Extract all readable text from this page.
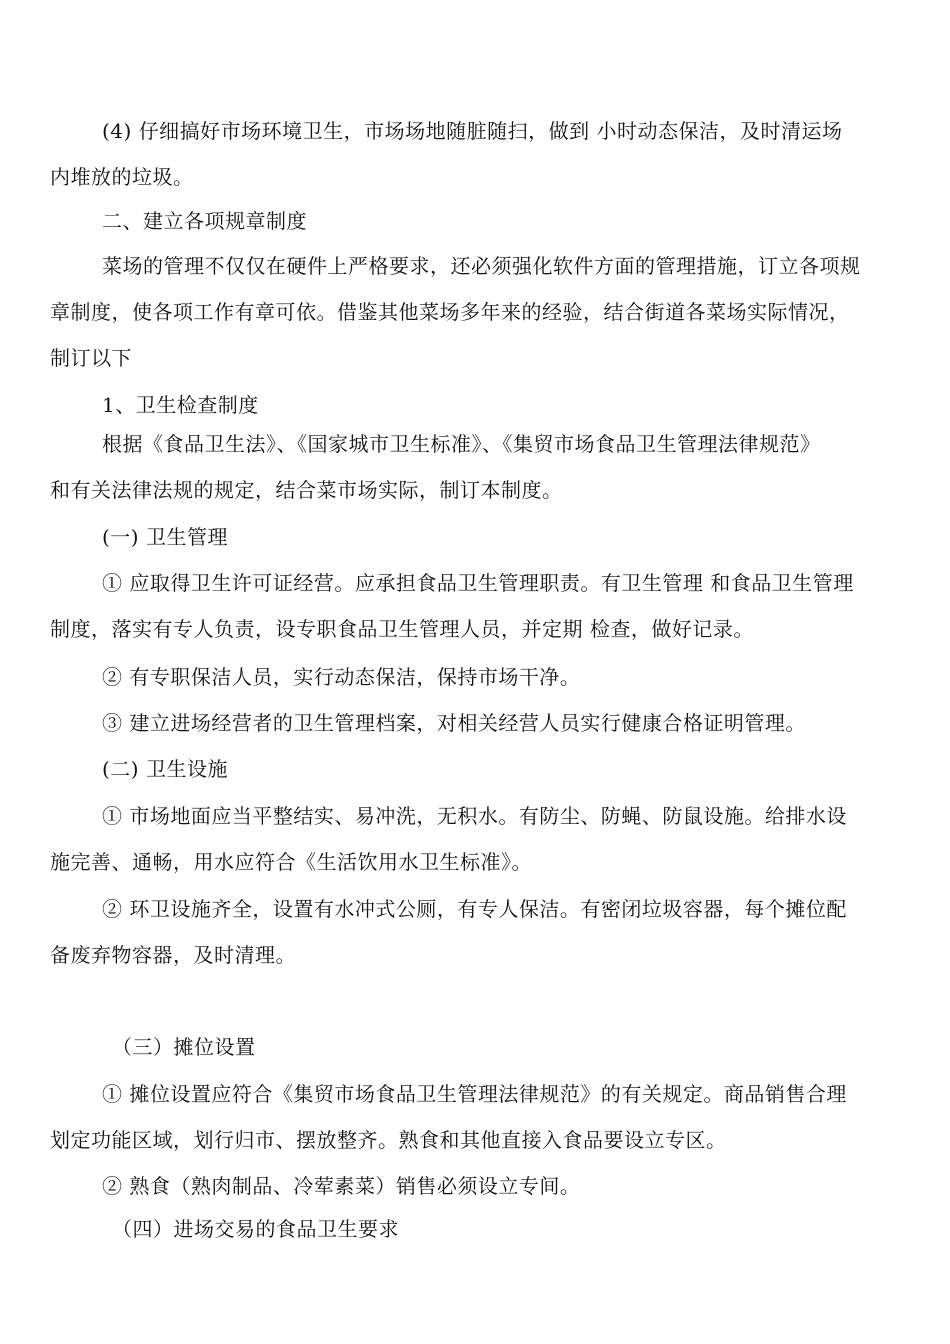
(4) 仔细搞好市场环境卫生，市场场地随脏随扫，做到 小时动态保洁，及时清运场
内堆放的垃圾。
二、建立各项规章制度
菜场的管理不仅仅在硬件上严格要求，还必须强化软件方面的管理措施，订立各项规
章制度，使各项工作有章可依。借鉴其他菜场多年来的经验，结合街道各菜场实际情况，
制订以下
1、卫生检查制度
根据《食品卫生法》、《国家城市卫生标准》、《集贸市场食品卫生管理法律规范》
和有关法律法规的规定，结合菜市场实际，制订本制度。
(一) 卫生管理
① 应取得卫生许可证经营。应承担食品卫生管理职责。有卫生管理 和食品卫生管理
制度，落实有专人负责，设专职食品卫生管理人员，并定期 检查，做好记录。
② 有专职保洁人员，实行动态保洁，保持市场干净。
③ 建立进场经营者的卫生管理档案，对相关经营人员实行健康合格证明管理。
(二) 卫生设施
① 市场地面应当平整结实、易冲洗，无积水。有防尘、防蝇、防鼠设施。给排水设
施完善、通畅，用水应符合《生活饮用水卫生标准》。
② 环卫设施齐全，设置有水冲式公厕，有专人保洁。有密闭垃圾容器，每个摊位配
备废弃物容器，及时清理。
（三）摊位设置
① 摊位设置应符合《集贸市场食品卫生管理法律规范》的有关规定。商品销售合理
划定功能区域，划行归市、摆放整齐。熟食和其他直接入食品要设立专区。
② 熟食（熟肉制品、冷荤素菜）销售必须设立专间。
（四）进场交易的食品卫生要求
